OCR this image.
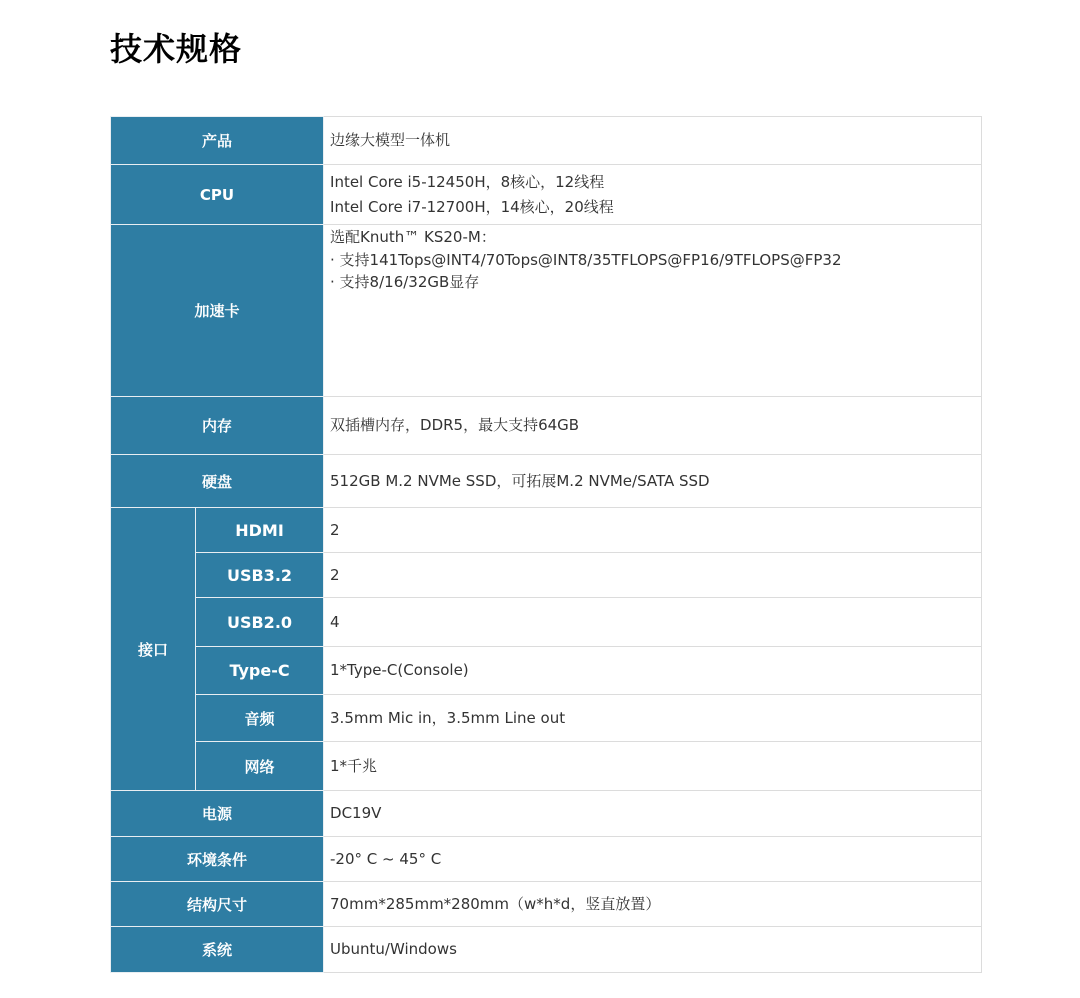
技术规格
产品		边缘大模型一体机
CPU		Intel Core i5-12450H，8核心，12线程
Intel Core i7-12700H，14核心，20线程

加速卡		选配Knuth™ KS20-M：
· 支持141Tops@INT4/70Tops@INT8/35TFLOPS@FP16/9TFLOPS@FP32
· 支持8/16/32GB显存

内存		双插槽内存，DDR5，最大支持64GB
硬盘		512GB M.2 NVMe SSD，可拓展M.2 NVMe/SATA SSD
接口	HDMI	2
	USB3.2	2
	USB2.0	4
	Type-C	1*Type-C(Console)
	音频	3.5mm Mic in，3.5mm Line out
	网络	1*千兆
电源		DC19V
环境条件		-20° C ~ 45° C
结构尺寸		70mm*285mm*280mm（w*h*d，竖直放置）
系统		Ubuntu/Windows
